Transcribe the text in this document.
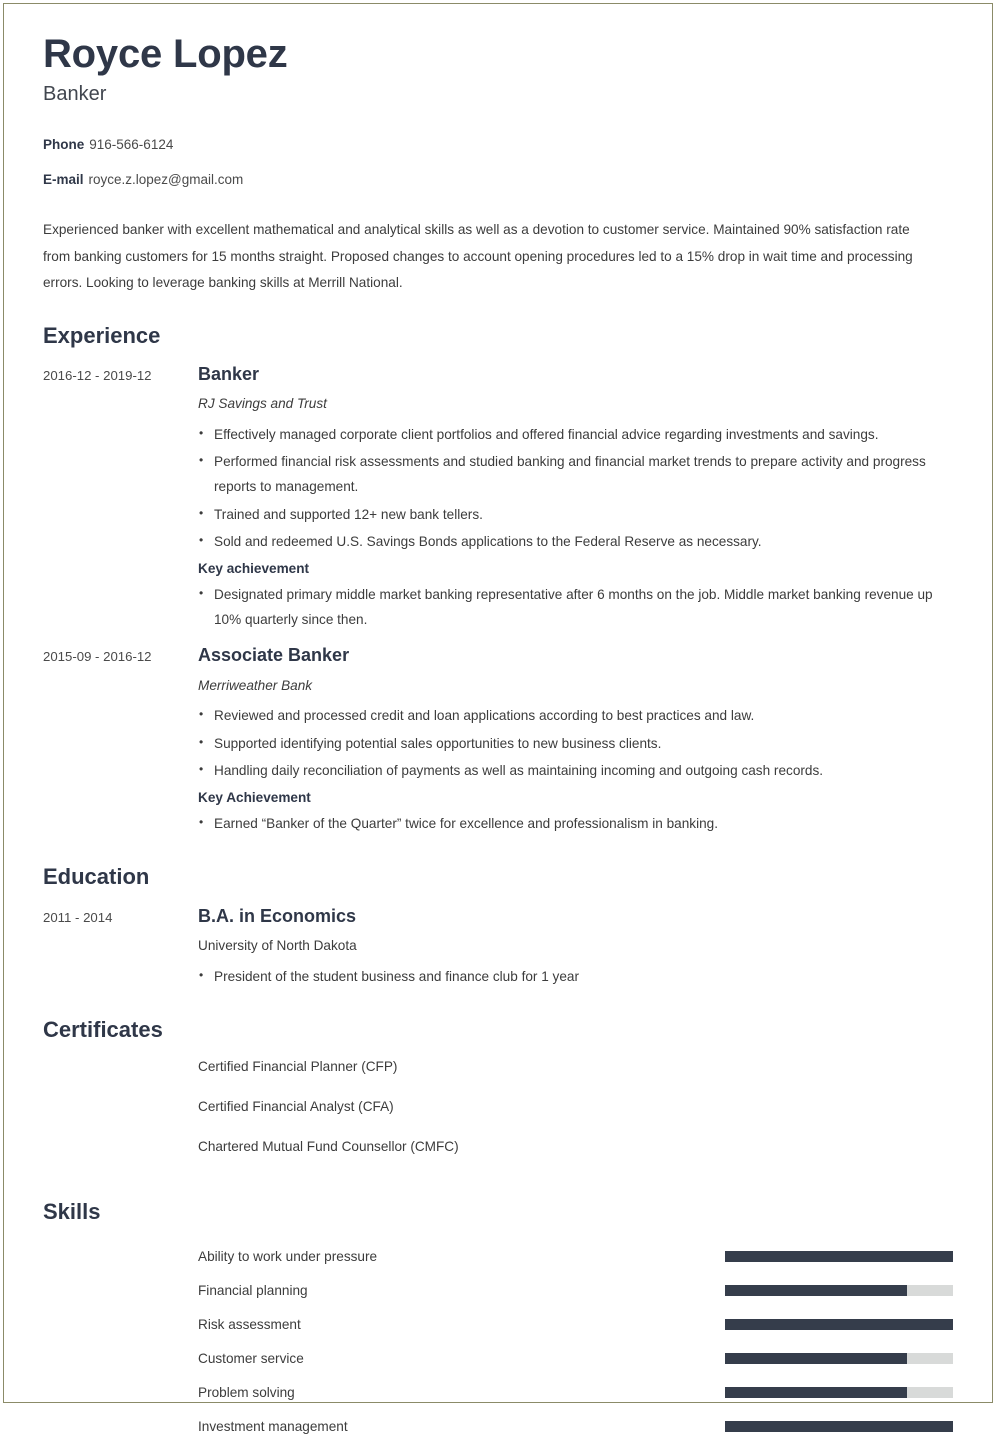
Royce Lopez
Banker
Phone 916-566-6124
E-mail royce.z.lopez@gmail.com

Experienced banker with excellent mathematical and analytical skills as well as a devotion to customer service. Maintained 90% satisfaction rate from banking customers for 15 months straight. Proposed changes to account opening procedures led to a 15% drop in wait time and processing errors. Looking to leverage banking skills at Merrill National.

Experience
2016-12 - 2019-12	Banker
RJ Savings and Trust
• Effectively managed corporate client portfolios and offered financial advice regarding investments and savings.
• Performed financial risk assessments and studied banking and financial market trends to prepare activity and progress reports to management.
• Trained and supported 12+ new bank tellers.
• Sold and redeemed U.S. Savings Bonds applications to the Federal Reserve as necessary.
Key achievement
• Designated primary middle market banking representative after 6 months on the job. Middle market banking revenue up 10% quarterly since then.
2015-09 - 2016-12	Associate Banker
Merriweather Bank
• Reviewed and processed credit and loan applications according to best practices and law.
• Supported identifying potential sales opportunities to new business clients.
• Handling daily reconciliation of payments as well as maintaining incoming and outgoing cash records.
Key Achievement
• Earned “Banker of the Quarter” twice for excellence and professionalism in banking.
Education
2011 - 2014	B.A. in Economics
University of North Dakota
• President of the student business and finance club for 1 year
Certificates
Certified Financial Planner (CFP)
Certified Financial Analyst (CFA)
Chartered Mutual Fund Counsellor (CMFC)
Skills
Ability to work under pressure
Financial planning
Risk assessment
Customer service
Problem solving
Investment management
